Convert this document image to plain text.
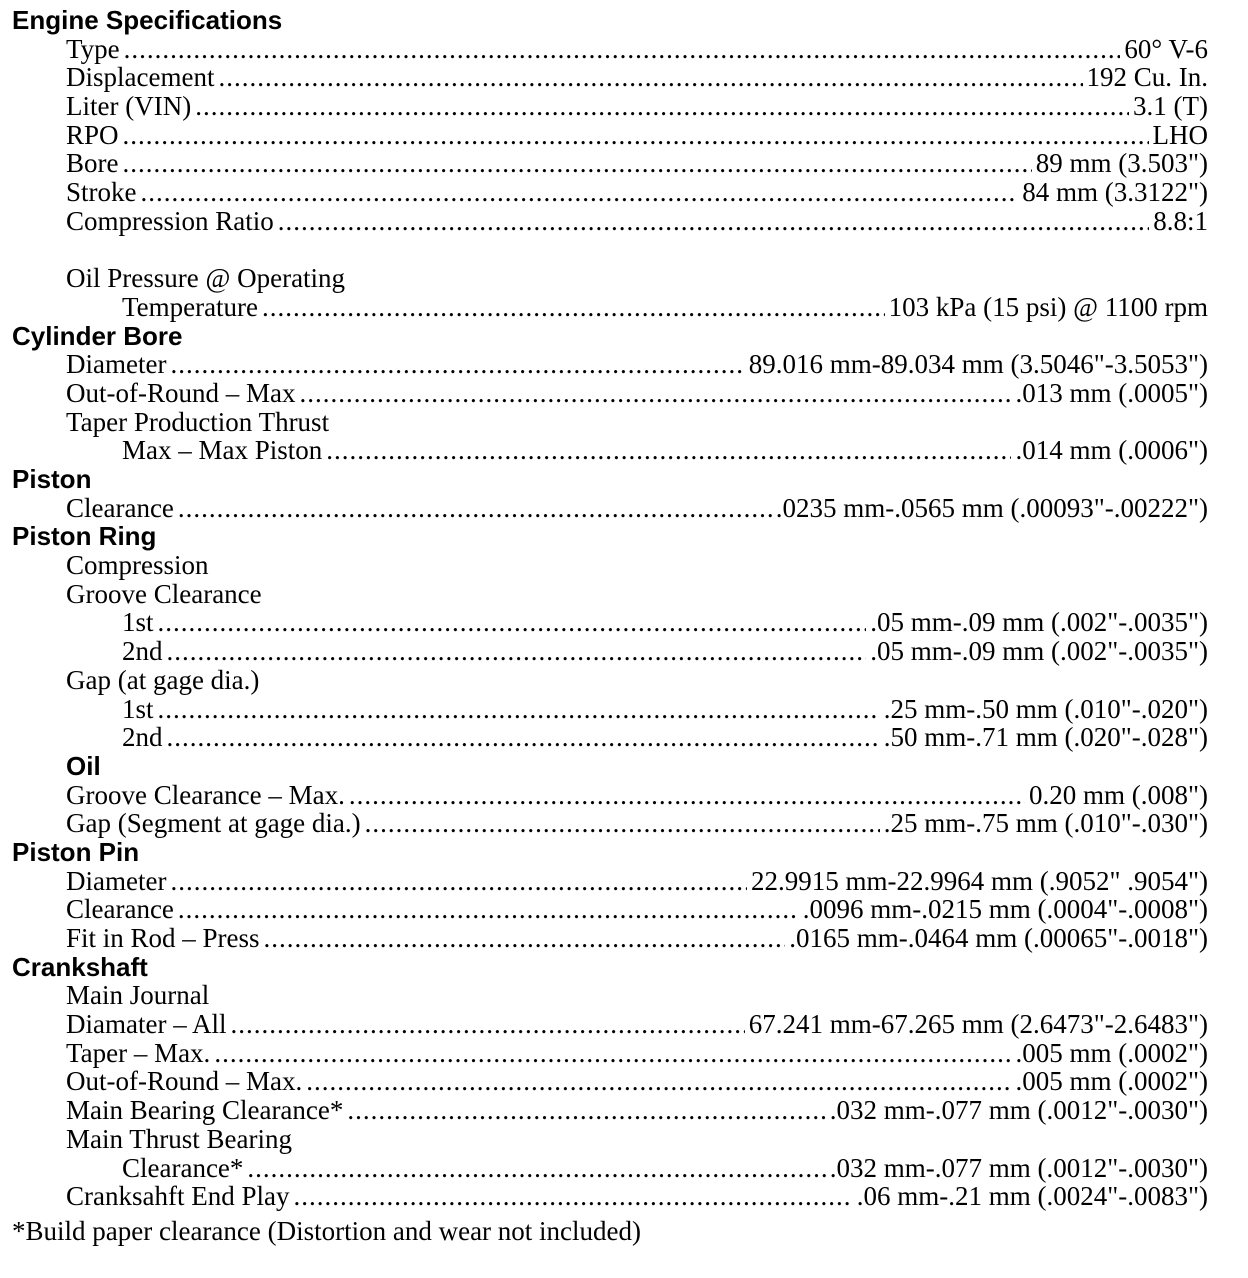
Engine Specifications
Type .....	60° V-6
Displacement .....	192 Cu. In.
Liter (VIN) .....	3.1 (T)
RPO .....	LHO
Bore .....	89 mm (3.503")
Stroke .....	84 mm (3.3122")
Compression Ratio .....	8.8:1
Oil Pressure @ Operating
Temperature .....	103 kPa (15 psi) @ 1100 rpm
Cylinder Bore
Diameter .....	89.016 mm-89.034 mm (3.5046"-3.5053")
Out-of-Round – Max .....	.013 mm (.0005")
Taper Production Thrust
Max – Max Piston .....	.014 mm (.0006")
Piston
Clearance .....	.0235 mm-.0565 mm (.00093"-.00222")
Piston Ring
Compression
Groove Clearance
1st .....	.05 mm-.09 mm (.002"-.0035")
2nd .....	.05 mm-.09 mm (.002"-.0035")
Gap (at gage dia.)
1st .....	.25 mm-.50 mm (.010"-.020")
2nd .....	.50 mm-.71 mm (.020"-.028")
Oil
Groove Clearance – Max. .....	0.20 mm (.008")
Gap (Segment at gage dia.) .....	.25 mm-.75 mm (.010"-.030")
Piston Pin
Diameter .....	22.9915 mm-22.9964 mm (.9052" .9054")
Clearance .....	.0096 mm-.0215 mm (.0004"-.0008")
Fit in Rod – Press .....	.0165 mm-.0464 mm (.00065"-.0018")
Crankshaft
Main Journal
Diamater – All .....	67.241 mm-67.265 mm (2.6473"-2.6483")
Taper – Max. .....	.005 mm (.0002")
Out-of-Round – Max. .....	.005 mm (.0002")
Main Bearing Clearance* .....	.032 mm-.077 mm (.0012"-.0030")
Main Thrust Bearing
Clearance* .....	.032 mm-.077 mm (.0012"-.0030")
Cranksahft End Play .....	.06 mm-.21 mm (.0024"-.0083")
*Build paper clearance (Distortion and wear not included)
